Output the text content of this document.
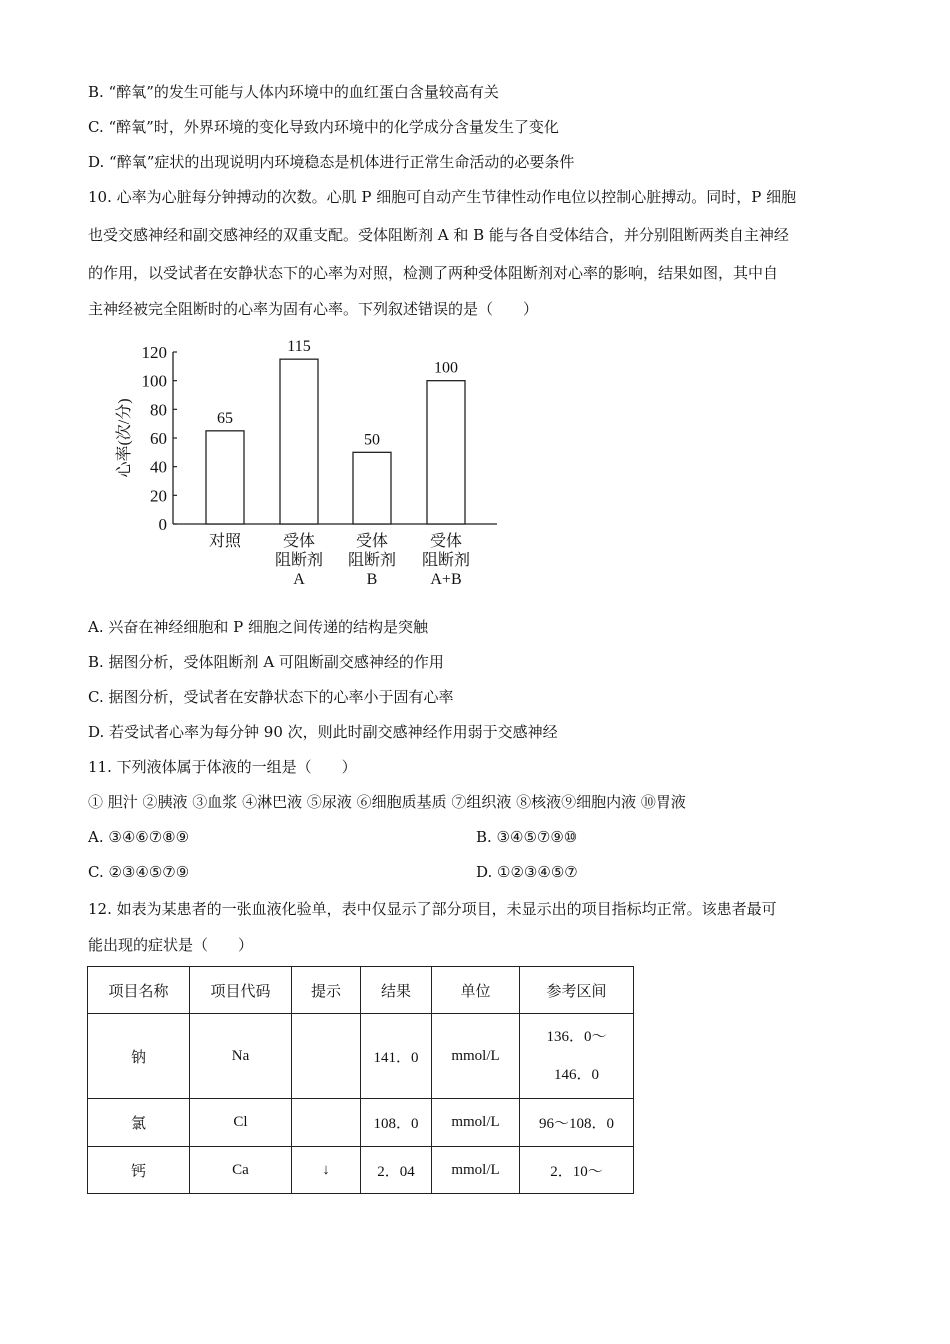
B. “醉氧”的发生可能与人体内环境中的血红蛋白含量较高有关
C. “醉氧”时，外界环境的变化导致内环境中的化学成分含量发生了变化
D. “醉氧”症状的出现说明内环境稳态是机体进行正常生命活动的必要条件
10. 心率为心脏每分钟搏动的次数。心肌 P 细胞可自动产生节律性动作电位以控制心脏搏动。同时，P 细胞
也受交感神经和副交感神经的双重支配。受体阻断剂 A 和 B 能与各自受体结合，并分别阻断两类自主神经
的作用，以受试者在安静状态下的心率为对照，检测了两种受体阻断剂对心率的影响，结果如图，其中自
主神经被完全阻断时的心率为固有心率。下列叙述错误的是（　　）
0
20
40
60
80
100
120
心率(次/分)	65
115
50
100
对照	受体
阻断剂
A
受体
阻断剂
B
受体
阻断剂
A+B
A. 兴奋在神经细胞和 P 细胞之间传递的结构是突触
B. 据图分析，受体阻断剂 A 可阻断副交感神经的作用
C. 据图分析，受试者在安静状态下的心率小于固有心率
D. 若受试者心率为每分钟 90 次，则此时副交感神经作用弱于交感神经
11. 下列液体属于体液的一组是（　　）
① 胆汁 ②胰液 ③血浆 ④淋巴液 ⑤尿液 ⑥细胞质基质 ⑦组织液 ⑧核液⑨细胞内液 ⑩胃液
A. ③④⑥⑦⑧⑨	B. ③④⑤⑦⑨⑩
C. ②③④⑤⑦⑨	D. ①②③④⑤⑦
12. 如表为某患者的一张血液化验单，表中仅显示了部分项目，未显示出的项目指标均正常。该患者最可
能出现的症状是（　　）
项目名称	项目代码	提示	结果	单位	参考区间
钠	Na		141．0	mmol/L	136．0～
146．0

氯	Cl		108．0	mmol/L	96～108．0
钙	Ca	↓	2．04	mmol/L	2．10～
